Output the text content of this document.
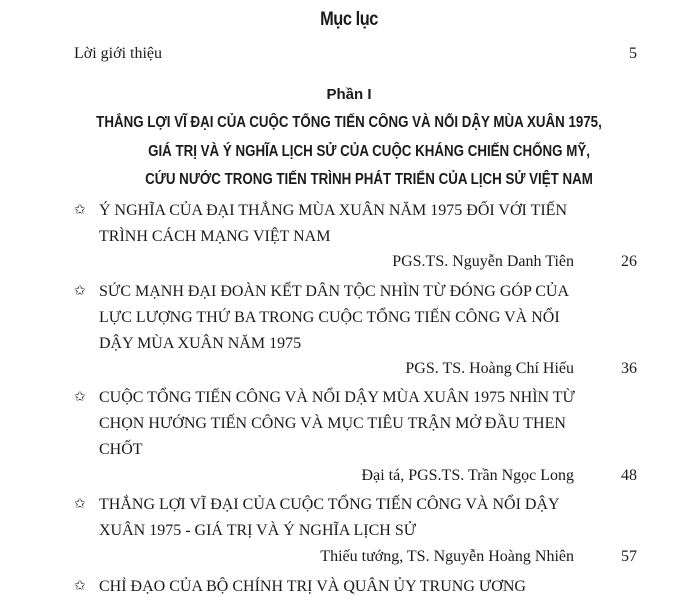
Mục lục
Lời giới thiệu	5
Phần I
THẮNG LỢI VĨ ĐẠI CỦA CUỘC TỔNG TIẾN CÔNG VÀ NỔI DẬY MÙA XUÂN 1975,
GIÁ TRỊ VÀ Ý NGHĨA LỊCH SỬ CỦA CUỘC KHÁNG CHIẾN CHỐNG MỸ,
CỨU NƯỚC TRONG TIẾN TRÌNH PHÁT TRIỂN CỦA LỊCH SỬ VIỆT NAM
✩ Ý NGHĨA CỦA ĐẠI THẮNG MÙA XUÂN NĂM 1975 ĐỐI VỚI TIẾN TRÌNH CÁCH MẠNG VIỆT NAM
PGS.TS. Nguyễn Danh Tiên	26
✩ SỨC MẠNH ĐẠI ĐOÀN KẾT DÂN TỘC NHÌN TỪ ĐÓNG GÓP CỦA LỰC LƯỢNG THỨ BA TRONG CUỘC TỔNG TIẾN CÔNG VÀ NỔI DẬY MÙA XUÂN NĂM 1975
PGS. TS. Hoàng Chí Hiếu	36
✩ CUỘC TỔNG TIẾN CÔNG VÀ NỔI DẬY MÙA XUÂN 1975 NHÌN TỪ CHỌN HƯỚNG TIẾN CÔNG VÀ MỤC TIÊU TRẬN MỞ ĐẦU THEN CHỐT
Đại tá, PGS.TS. Trần Ngọc Long	48
✩ THẮNG LỢI VĨ ĐẠI CỦA CUỘC TỔNG TIẾN CÔNG VÀ NỔI DẬY XUÂN 1975 - GIÁ TRỊ VÀ Ý NGHĨA LỊCH SỬ
Thiếu tướng, TS. Nguyễn Hoàng Nhiên	57
✩ CHỈ ĐẠO CỦA BỘ CHÍNH TRỊ VÀ QUÂN ỦY TRUNG ƯƠNG
